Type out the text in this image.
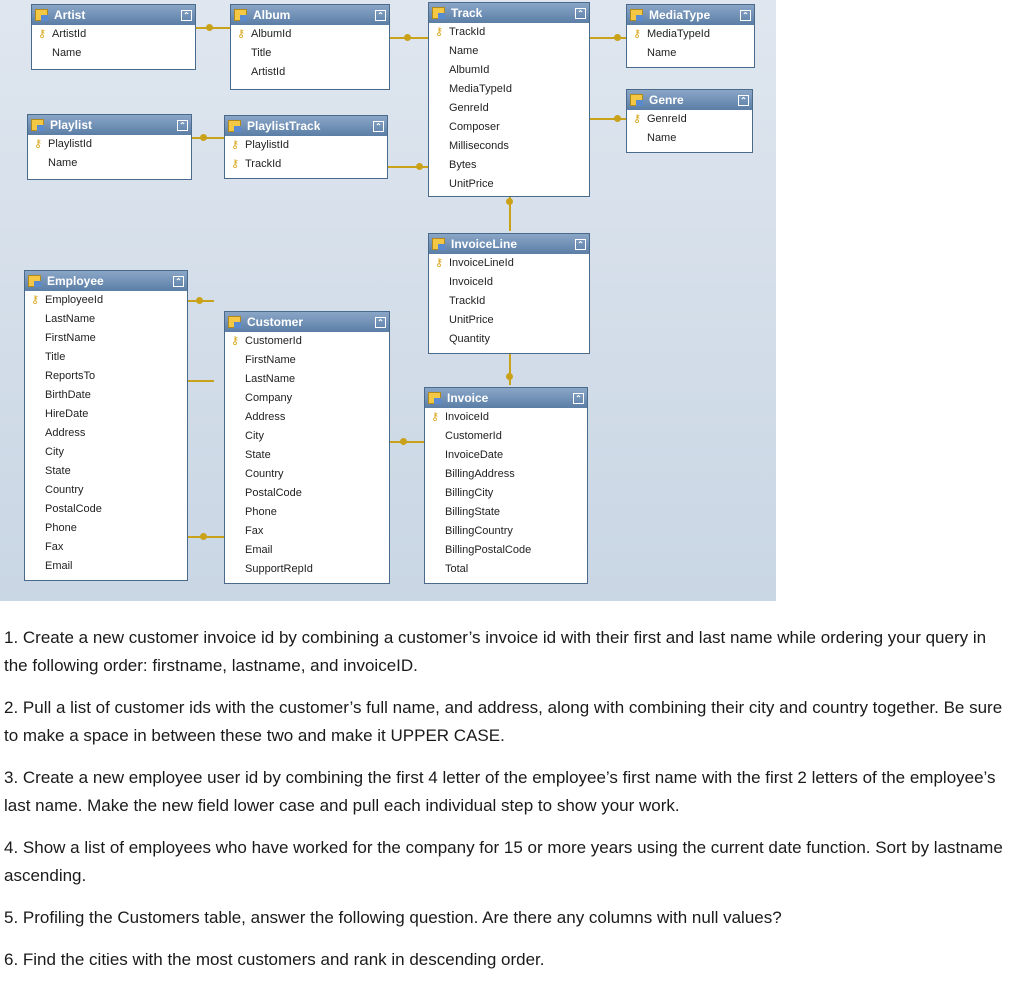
Artist	⌃
⚷ ArtistId
Name
Album	⌃
⚷ AlbumId
Title
ArtistId
Track	⌃
⚷ TrackId
Name
AlbumId
MediaTypeId
GenreId
Composer
Milliseconds
Bytes
UnitPrice
MediaType	⌃
⚷ MediaTypeId
Name
Genre	⌃
⚷ GenreId
Name
Playlist	⌃
⚷ PlaylistId
Name
PlaylistTrack	⌃
⚷ PlaylistId
⚷ TrackId
InvoiceLine	⌃
⚷ InvoiceLineId
InvoiceId
TrackId
UnitPrice
Quantity
Employee	⌃
⚷ EmployeeId
LastName
FirstName
Title
ReportsTo
BirthDate
HireDate
Address
City
State
Country
PostalCode
Phone
Fax
Email
Customer	⌃
⚷ CustomerId
FirstName
LastName
Company
Address
City
State
Country
PostalCode
Phone
Fax
Email
SupportRepId
Invoice	⌃
⚷ InvoiceId
CustomerId
InvoiceDate
BillingAddress
BillingCity
BillingState
BillingCountry
BillingPostalCode
Total

1. Create a new customer invoice id by combining a customer’s invoice id with their first and last name while ordering your query in the following order: firstname, lastname, and invoiceID.

2. Pull a list of customer ids with the customer’s full name, and address, along with combining their city and country together. Be sure to make a space in between these two and make it UPPER CASE.

3. Create a new employee user id by combining the first 4 letter of the employee’s first name with the first 2 letters of the employee’s last name. Make the new field lower case and pull each individual step to show your work.

4. Show a list of employees who have worked for the company for 15 or more years using the current date function. Sort by lastname ascending.

5. Profiling the Customers table, answer the following question. Are there any columns with null values?

6. Find the cities with the most customers and rank in descending order.
